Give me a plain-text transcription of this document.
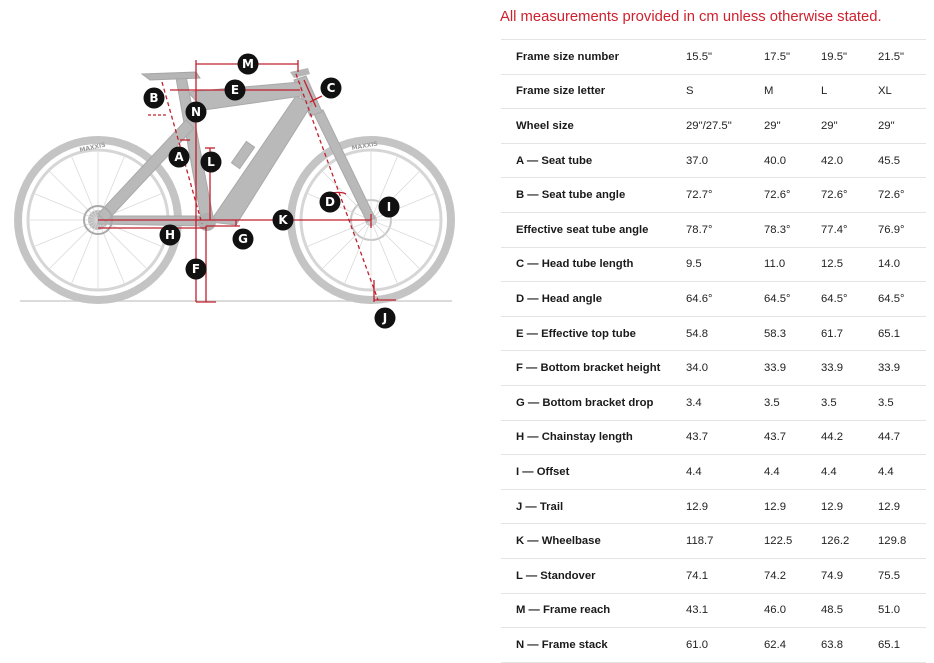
All measurements provided in cm unless otherwise stated.
MAXXIS	MAXXIS
M
E	C
B
N
A L
D	I
K
H	G
F
J
Frame size number	15.5"	17.5"	19.5"	21.5"
Frame size letter	S	M	L	XL
Wheel size	29"/27.5"	29"	29"	29"
A — Seat tube	37.0	40.0	42.0	45.5
B — Seat tube angle	72.7°	72.6°	72.6°	72.6°
Effective seat tube angle	78.7°	78.3°	77.4°	76.9°
C — Head tube length	9.5	11.0	12.5	14.0
D — Head angle	64.6°	64.5°	64.5°	64.5°
E — Effective top tube	54.8	58.3	61.7	65.1
F — Bottom bracket height	34.0	33.9	33.9	33.9
G — Bottom bracket drop	3.4	3.5	3.5	3.5
H — Chainstay length	43.7	43.7	44.2	44.7
I — Offset	4.4	4.4	4.4	4.4
J — Trail	12.9	12.9	12.9	12.9
K — Wheelbase	118.7	122.5	126.2	129.8
L — Standover	74.1	74.2	74.9	75.5
M — Frame reach	43.1	46.0	48.5	51.0
N — Frame stack	61.0	62.4	63.8	65.1
